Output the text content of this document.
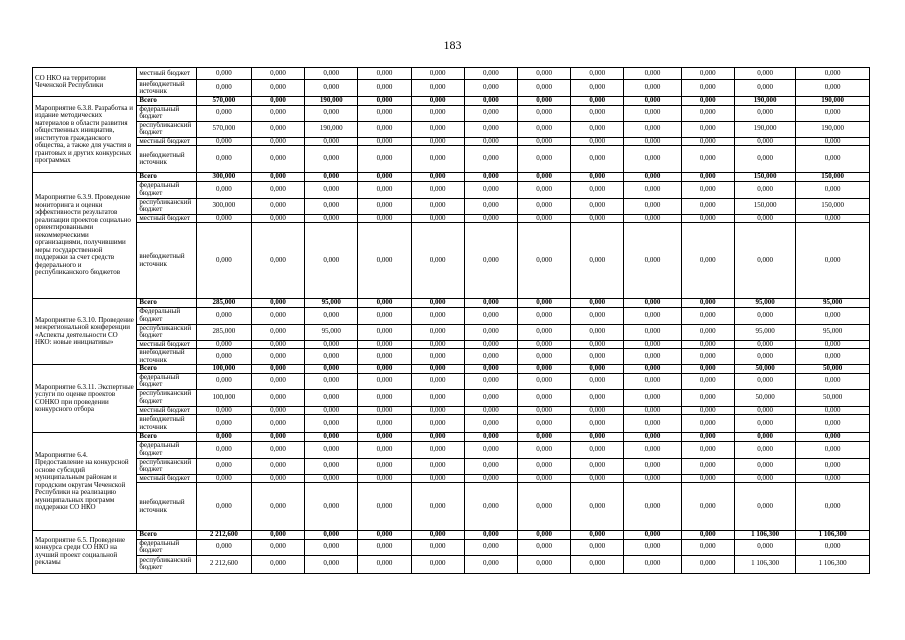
183
СО НКО на территории Чеченской Республики	местный бюджет	0,000	0,000	0,000	0,000	0,000	0,000	0,000	0,000	0,000	0,000	0,000	0,000
	внебюджетный источник	0,000	0,000	0,000	0,000	0,000	0,000	0,000	0,000	0,000	0,000	0,000	0,000
Мароприятие 6.3.8. Разработка и издание методических материалов в области развития общественных инициатив, институтов гражданского общества, а также для участия в грантовых и других конкурсных программах	Всего	570,000	0,000	190,000	0,000	0,000	0,000	0,000	0,000	0,000	0,000	190,000	190,000
	федеральный бюджет	0,000	0,000	0,000	0,000	0,000	0,000	0,000	0,000	0,000	0,000	0,000	0,000
	республиканский бюджет	570,000	0,000	190,000	0,000	0,000	0,000	0,000	0,000	0,000	0,000	190,000	190,000
	местный бюджет	0,000	0,000	0,000	0,000	0,000	0,000	0,000	0,000	0,000	0,000	0,000	0,000
	внебюджетный источник	0,000	0,000	0,000	0,000	0,000	0,000	0,000	0,000	0,000	0,000	0,000	0,000
Мароприятие 6.3.9. Проведение мониторинга и оценки эффективности результатов реализации проектов социально ориентированными некоммерческими организациями, получившими меры государственной поддержки за счет средств федерального и республиканского бюджетов	Всего	300,000	0,000	0,000	0,000	0,000	0,000	0,000	0,000	0,000	0,000	150,000	150,000
	федеральный бюджет	0,000	0,000	0,000	0,000	0,000	0,000	0,000	0,000	0,000	0,000	0,000	0,000
	республиканский бюджет	300,000	0,000	0,000	0,000	0,000	0,000	0,000	0,000	0,000	0,000	150,000	150,000
	местный бюджет	0,000	0,000	0,000	0,000	0,000	0,000	0,000	0,000	0,000	0,000	0,000	0,000
	внебюджетный источник	0,000	0,000	0,000	0,000	0,000	0,000	0,000	0,000	0,000	0,000	0,000	0,000
Мароприятие 6.3.10. Проведение межрегиональной конференции «Аспекты деятельности СО НКО: новые инициативы»	Всего	285,000	0,000	95,000	0,000	0,000	0,000	0,000	0,000	0,000	0,000	95,000	95,000
	Федеральный бюджет	0,000	0,000	0,000	0,000	0,000	0,000	0,000	0,000	0,000	0,000	0,000	0,000
	республиканский бюджет	285,000	0,000	95,000	0,000	0,000	0,000	0,000	0,000	0,000	0,000	95,000	95,000
	местный бюджет	0,000	0,000	0,000	0,000	0,000	0,000	0,000	0,000	0,000	0,000	0,000	0,000
	внебюджетный источник	0,000	0,000	0,000	0,000	0,000	0,000	0,000	0,000	0,000	0,000	0,000	0,000
Мароприятие 6.3.11. Экспертные услуги по оценке проектов СОНКО при проведении конкурсного отбора	Всего	100,000	0,000	0,000	0,000	0,000	0,000	0,000	0,000	0,000	0,000	50,000	50,000
	федеральный бюджет	0,000	0,000	0,000	0,000	0,000	0,000	0,000	0,000	0,000	0,000	0,000	0,000
	республиканский бюджет	100,000	0,000	0,000	0,000	0,000	0,000	0,000	0,000	0,000	0,000	50,000	50,000
	местный бюджет	0,000	0,000	0,000	0,000	0,000	0,000	0,000	0,000	0,000	0,000	0,000	0,000
	внебюджетный источник	0,000	0,000	0,000	0,000	0,000	0,000	0,000	0,000	0,000	0,000	0,000	0,000
Мароприятие 6.4. Предоставление на конкурсной основе субсидий муниципальным районам и городским округам Чеченской Республики на реализацию муниципальных программ поддержки СО НКО	Всего	0,000	0,000	0,000	0,000	0,000	0,000	0,000	0,000	0,000	0,000	0,000	0,000
	федеральный бюджет	0,000	0,000	0,000	0,000	0,000	0,000	0,000	0,000	0,000	0,000	0,000	0,000
	республиканский бюджет	0,000	0,000	0,000	0,000	0,000	0,000	0,000	0,000	0,000	0,000	0,000	0,000
	местный бюджет	0,000	0,000	0,000	0,000	0,000	0,000	0,000	0,000	0,000	0,000	0,000	0,000
	внебюджетный источник	0,000	0,000	0,000	0,000	0,000	0,000	0,000	0,000	0,000	0,000	0,000	0,000
Мароприятие 6.5. Проведение конкурса среди СО НКО на лучший проект социальной рекламы	Всего	2 212,600	0,000	0,000	0,000	0,000	0,000	0,000	0,000	0,000	0,000	1 106,300	1 106,300
	федеральный бюджет	0,000	0,000	0,000	0,000	0,000	0,000	0,000	0,000	0,000	0,000	0,000	0,000
	республиканский бюджет	2 212,600	0,000	0,000	0,000	0,000	0,000	0,000	0,000	0,000	0,000	1 106,300	1 106,300
